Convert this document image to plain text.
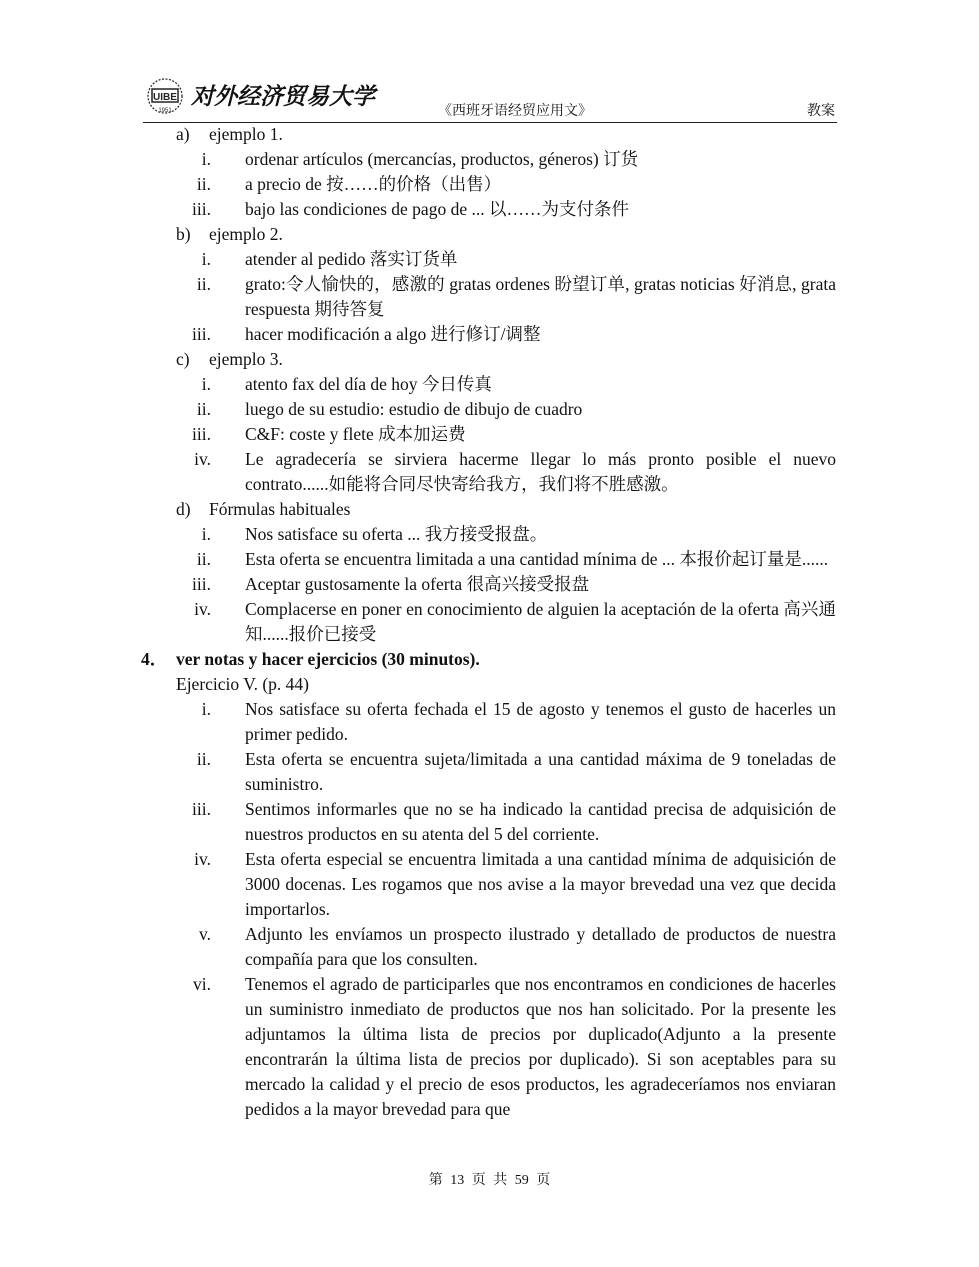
UIBE
1951
对外经济贸易大学
《西班牙语经贸应用文》	教案
a) ejemplo 1.
i. ordenar artículos (mercancías, productos, géneros) 订货
ii. a precio de 按……的价格（出售）
iii. bajo las condiciones de pago de ... 以……为支付条件
b) ejemplo 2.
i. atender al pedido 落实订货单
ii. grato:令人愉快的，感激的 gratas ordenes 盼望订单, gratas noticias 好消息, grata respuesta 期待答复
iii. hacer modificación a algo 进行修订/调整
c) ejemplo 3.
i. atento fax del día de hoy 今日传真
ii. luego de su estudio: estudio de dibujo de cuadro
iii. C&F: coste y flete 成本加运费
iv. Le agradecería se sirviera hacerme llegar lo más pronto posible el nuevo contrato......如能将合同尽快寄给我方，我们将不胜感激。
d) Fórmulas habituales
i. Nos satisface su oferta ... 我方接受报盘。
ii. Esta oferta se encuentra limitada a una cantidad mínima de ... 本报价起订量是......
iii. Aceptar gustosamente la oferta 很高兴接受报盘
iv. Complacerse en poner en conocimiento de alguien la aceptación de la oferta 高兴通知......报价已接受
4． ver notas y hacer ejercicios (30 minutos).
Ejercicio V. (p. 44)
i. Nos satisface su oferta fechada el 15 de agosto y tenemos el gusto de hacerles un primer pedido.
ii. Esta oferta se encuentra sujeta/limitada a una cantidad máxima de 9 toneladas de suministro.
iii. Sentimos informarles que no se ha indicado la cantidad precisa de adquisición de nuestros productos en su atenta del 5 del corriente.
iv. Esta oferta especial se encuentra limitada a una cantidad mínima de adquisición de 3000 docenas. Les rogamos que nos avise a la mayor brevedad una vez que decida importarlos.
v. Adjunto les envíamos un prospecto ilustrado y detallado de productos de nuestra compañía para que los consulten.
vi. Tenemos el agrado de participarles que nos encontramos en condiciones de hacerles un suministro inmediato de productos que nos han solicitado. Por la presente les adjuntamos la última lista de precios por duplicado(Adjunto a la presente encontrarán la última lista de precios por duplicado). Si son aceptables para su mercado la calidad y el precio de esos productos, les agradeceríamos nos enviaran pedidos a la mayor brevedad para que
第 13 页 共 59 页
